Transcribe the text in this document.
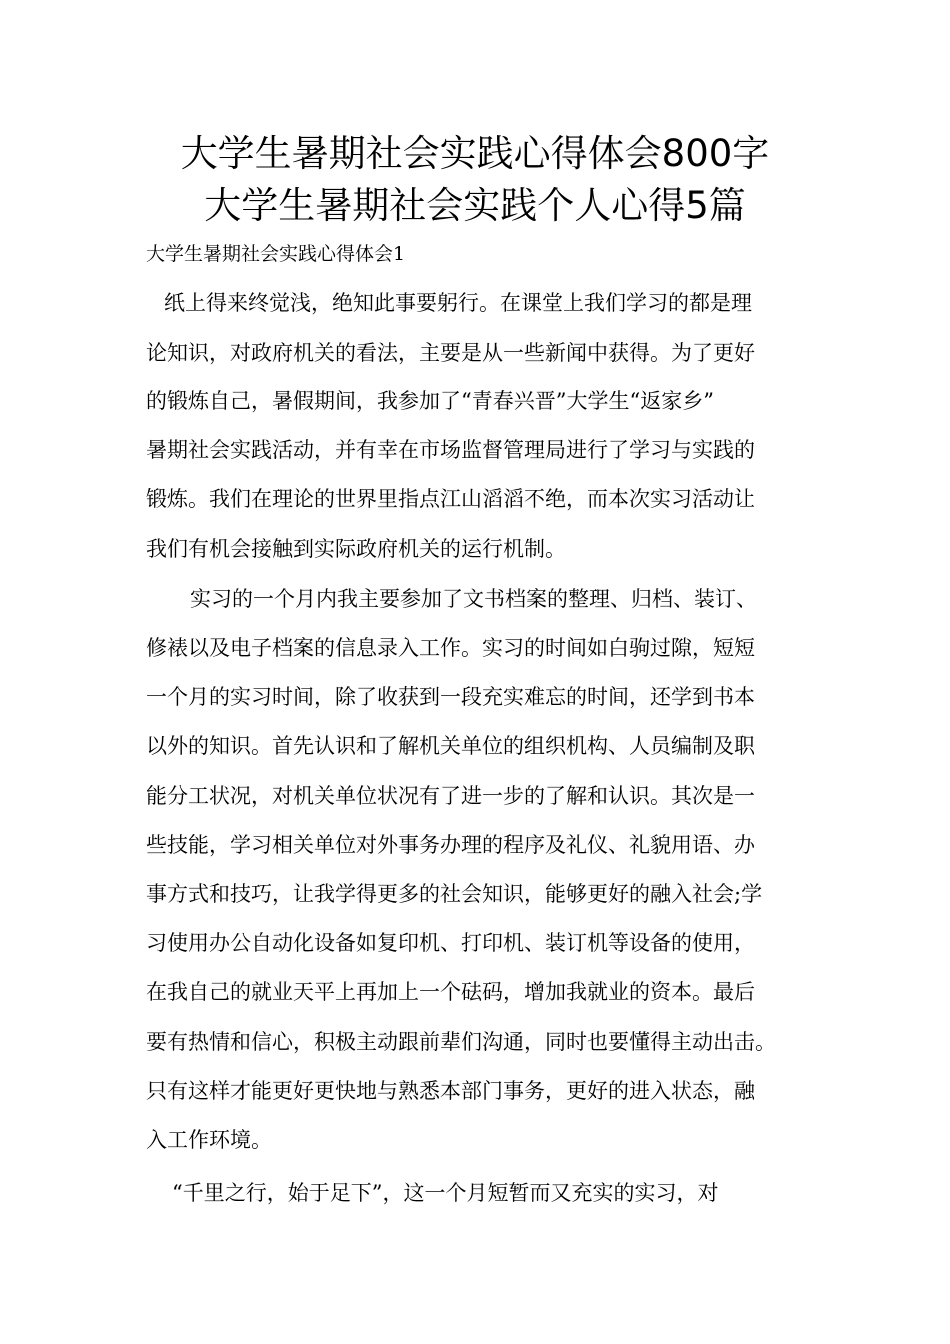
大学生暑期社会实践心得体会800字
大学生暑期社会实践个人心得5篇
大学生暑期社会实践心得体会1
纸上得来终觉浅，绝知此事要躬行。在课堂上我们学习的都是理
论知识，对政府机关的看法，主要是从一些新闻中获得。为了更好
的锻炼自己，暑假期间，我参加了“青春兴晋”大学生“返家乡”
暑期社会实践活动，并有幸在市场监督管理局进行了学习与实践的
锻炼。我们在理论的世界里指点江山滔滔不绝，而本次实习活动让
我们有机会接触到实际政府机关的运行机制。
实习的一个月内我主要参加了文书档案的整理、归档、装订、
修裱以及电子档案的信息录入工作。实习的时间如白驹过隙，短短
一个月的实习时间，除了收获到一段充实难忘的时间，还学到书本
以外的知识。首先认识和了解机关单位的组织机构、人员编制及职
能分工状况，对机关单位状况有了进一步的了解和认识。其次是一
些技能，学习相关单位对外事务办理的程序及礼仪、礼貌用语、办
事方式和技巧，让我学得更多的社会知识，能够更好的融入社会;学
习使用办公自动化设备如复印机、打印机、装订机等设备的使用，
在我自己的就业天平上再加上一个砝码，增加我就业的资本。最后
要有热情和信心，积极主动跟前辈们沟通，同时也要懂得主动出击。
只有这样才能更好更快地与熟悉本部门事务，更好的进入状态，融
入工作环境。
“千里之行，始于足下”，这一个月短暂而又充实的实习，对
